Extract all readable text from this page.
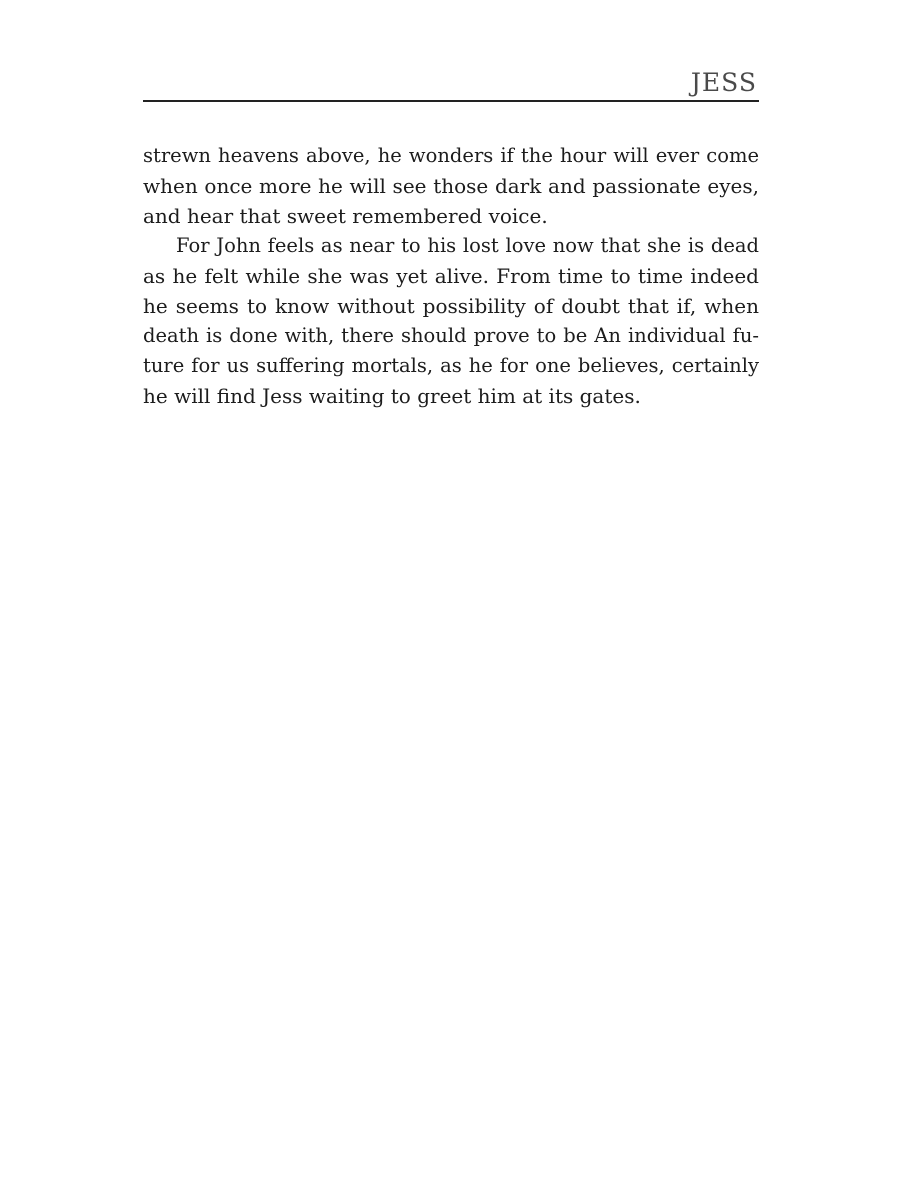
JESS
strewn heavens above, he wonders if the hour will ever come
when once more he will see those dark and passionate eyes,
and hear that sweet remembered voice.
For John feels as near to his lost love now that she is dead
as he felt while she was yet alive. From time to time indeed
he seems to know without possibility of doubt that if, when
death is done with, there should prove to be An individual fu-
ture for us suffering mortals, as he for one believes, certainly
he will find Jess waiting to greet him at its gates.
